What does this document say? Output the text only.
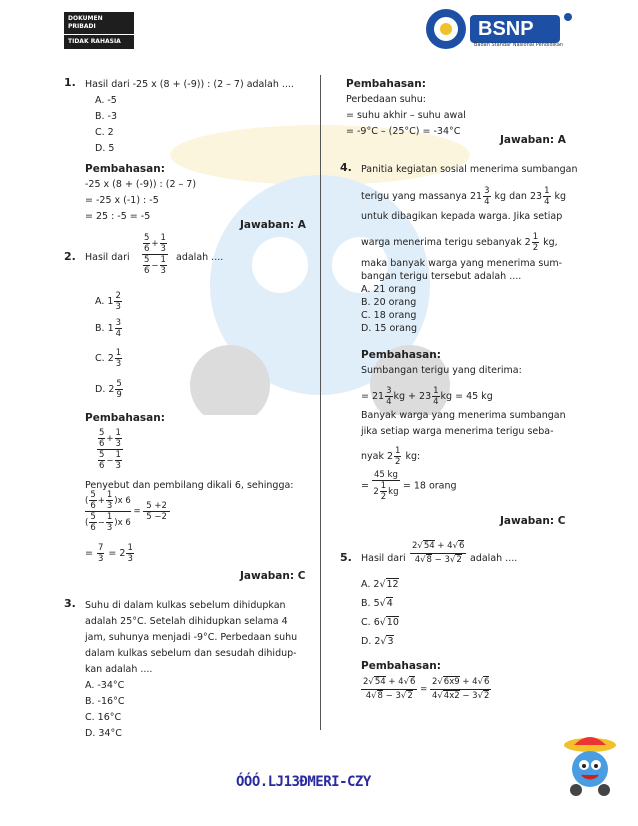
DOKUMEN PRIBADI
TIDAK RAHASIA
BSNP
Badan Standar Nasional Pendidikan
1. Hasil dari -25 x (8 + (-9)) : (2 – 7) adalah ....
A. -5
B. -3
C. 2
D. 5
Pembahasan:
-25 x (8 + (-9)) : (2 – 7)
= -25 x (-1) : -5
= 25 : -5 = -5
Jawaban: A
2. Hasil dari
$\frac{5}{6} + \frac{1}{3}$
$\frac{5}{6} - \frac{1}{3}$ adalah ....
A. $1 \frac{2}{3}$
B. $1 \frac{3}{4}$
C. $2 \frac{1}{3}$
D. $2 \frac{5}{9}$
Pembahasan:
$\frac{5}{6} + \frac{1}{3}$
$\frac{5}{6} - \frac{1}{3}$
Penyebut dan pembilang dikali 6, sehingga:
$\frac{( \frac{5}{6} + \frac{1}{3} )x 6}{( \frac{5}{6} - \frac{1}{3} )x 6} = \frac{5 +2}{5 -2}$
= $\frac{7}{3} = 2 \frac{1}{3}$
Jawaban: C
3. Suhu di dalam kulkas sebelum dihidupkan
adalah 25°C. Setelah dihidupkan selama 4
jam, suhunya menjadi -9°C. Perbedaan suhu
dalam kulkas sebelum dan sesudah dihidup-
kan adalah ....
A. -34°C
B. -16°C
C. 16°C
D. 34°C
Pembahasan:
Perbedaan suhu:
= suhu akhir – suhu awal
= -9°C – (25°C) = -34°C
Jawaban: A
4. Panitia kegiatan sosial menerima sumbangan
terigu yang massanya $21 \frac{3}{4}$ kg dan $23 \frac{1}{4}$ kg
untuk dibagikan kepada warga. Jika setiap
warga menerima terigu sebanyak $2 \frac{1}{2}$ kg,
maka banyak warga yang menerima sum-
bangan terigu tersebut adalah ....
A. 21 orang
B. 20 orang
C. 18 orang
D. 15 orang
Pembahasan:
Sumbangan terigu yang diterima:
= $21 \frac{3}{4}$ kg + $23 \frac{1}{4}$ kg = 45 kg
Banyak warga yang menerima sumbangan
jika setiap warga menerima terigu seba-
nyak $2 \frac{1}{2}$ kg:
= $\frac{45 kg}{2 \frac{1}{2} kg} = 18$ orang
Jawaban: C
5. Hasil dari
2√54 + 4√6
4√8 − 3√2 adalah ....
A. 2√12
B. 5√4
C. 6√10
D. 2√3
Pembahasan:
$\frac{2√54 + 4√6}{4√8 - 3√2} = \frac{2√6x9 + 4√6}{4√4x2 - 3√2}$
ÓÓÓ.LJ13ÐМЕRI-CZY
